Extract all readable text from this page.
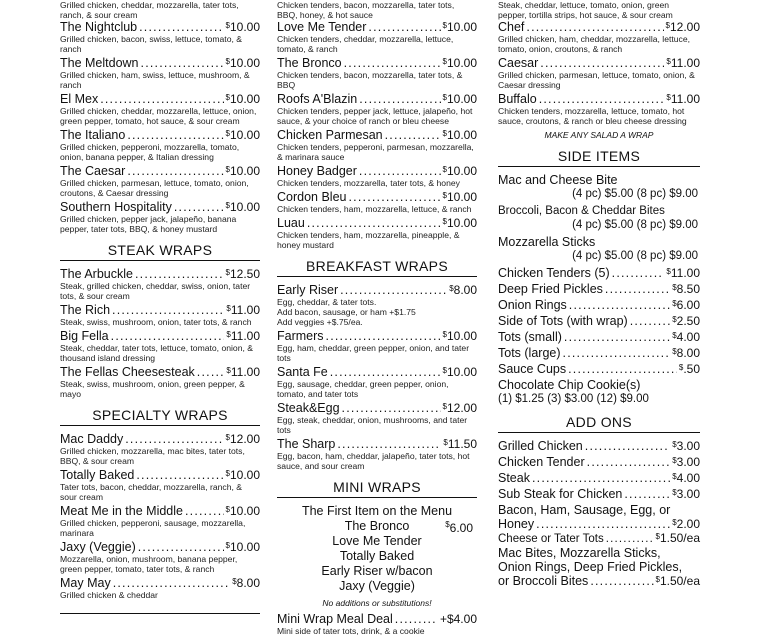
Grilled chicken, cheddar, mozzarella, tater tots, ranch, & sour cream
The Nightclub .....	$10.00
Grilled chicken, bacon, swiss, lettuce, tomato, & ranch
The Meltdown .....	$10.00
Grilled chicken, ham, swiss, lettuce, mushroom, & ranch
El Mex .....	$10.00
Grilled chicken, cheddar, mozzarella, lettuce, onion, green pepper, tomato, hot sauce, & sour cream
The Italiano .....	$10.00
Grilled chicken, pepperoni, mozzarella, tomato, onion, banana pepper, & Italian dressing
The Caesar .....	$10.00
Grilled chicken, parmesan, lettuce, tomato, onion, croutons, & Caesar dressing
Southern Hospitality .....	$10.00
Grilled chicken, pepper jack, jalapeño, banana pepper, tater tots, BBQ, & honey mustard
STEAK WRAPS
The Arbuckle .....	$12.50
Steak, grilled chicken, cheddar, swiss, onion, tater tots, & sour cream
The Rich .....	$11.00
Steak, swiss, mushroom, onion, tater tots, & ranch
Big Fella .....	$11.00
Steak, cheddar, tater tots, lettuce, tomato, onion, & thousand island dressing
The Fellas Cheesesteak .....	$11.00
Steak, swiss, mushroom, onion, green pepper, & mayo
SPECIALTY WRAPS
Mac Daddy .....	$12.00
Grilled chicken, mozzarella, mac bites, tater tots, BBQ, & sour cream
Totally Baked .....	$10.00
Tater tots, bacon, cheddar, mozzarella, ranch, & sour cream
Meat Me in the Middle .....	$10.00
Grilled chicken, pepperoni, sausage, mozzarella, marinara
Jaxy (Veggie) .....	$10.00
Mozzarella, onion, mushroom, banana pepper, green pepper, tomato, tater tots, & ranch
May May .....	$8.00
Grilled chicken & cheddar
Chicken tenders, bacon, mozzarella, tater tots, BBQ, honey, & hot sauce
Love Me Tender .....	$10.00
Chicken tenders, cheddar, mozzarella, lettuce, tomato, & ranch
The Bronco .....	$10.00
Chicken tenders, bacon, mozzarella, tater tots, & BBQ
Roofs A'Blazin .....	$10.00
Chicken tenders, pepper jack, lettuce, jalapeño, hot sauce, & your choice of ranch or bleu cheese
Chicken Parmesan .....	$10.00
Chicken tenders, pepperoni, parmesan, mozzarella, & marinara sauce
Honey Badger .....	$10.00
Chicken tenders, mozzarella, tater tots, & honey
Cordon Bleu .....	$10.00
Chicken tenders, ham, mozzarella, lettuce, & ranch
Luau .....	$10.00
Chicken tenders, ham, mozzarella, pineapple, & honey mustard
BREAKFAST WRAPS
Early Riser .....	$8.00
Egg, cheddar, & tater tots.
Add bacon, sausage, or ham +$1.75
Add veggies +$.75/ea.
Farmers .....	$10.00
Egg, ham, cheddar, green pepper, onion, and tater tots
Santa Fe .....	$10.00
Egg, sausage, cheddar, green pepper, onion, tomato, and tater tots
Steak&Egg .....	$12.00
Egg, steak, cheddar, onion, mushrooms, and tater tots
The Sharp .....	$11.50
Egg, bacon, ham, cheddar, jalapeño, tater tots, hot sauce, and sour cream
MINI WRAPS
The First Item on the Menu
The Bronco
Love Me Tender
Totally Baked
Early Riser w/bacon
Jaxy (Veggie)
$6.00
No additions or substitutions!
Mini Wrap Meal Deal .....	+$4.00
Mini side of tater tots, drink, & a cookie
Steak, cheddar, lettuce, tomato, onion, green pepper, tortilla strips, hot sauce, & sour cream
Chef .....	$12.00
Grilled chicken, ham, cheddar, mozzarella, lettuce, tomato, onion, croutons, & ranch
Caesar .....	$11.00
Grilled chicken, parmesan, lettuce, tomato, onion, & Caesar dressing
Buffalo .....	$11.00
Chicken tenders, mozzarella, lettuce, tomato, hot sauce, croutons, & ranch or bleu cheese dressing
MAKE ANY SALAD A WRAP
SIDE ITEMS
Mac and Cheese Bite
(4 pc) $5.00 (8 pc) $9.00
Broccoli, Bacon & Cheddar Bites
(4 pc) $5.00 (8 pc) $9.00
Mozzarella Sticks
(4 pc) $5.00 (8 pc) $9.00
Chicken Tenders (5) .....	$11.00
Deep Fried Pickles .....	$8.50
Onion Rings .....	$6.00
Side of Tots (with wrap) .....	$2.50
Tots (small) .....	$4.00
Tots (large) .....	$8.00
Sauce Cups .....	$.50
Chocolate Chip Cookie(s)
(1) $1.25 (3) $3.00 (12) $9.00
ADD ONS
Grilled Chicken .....	$3.00
Chicken Tender .....	$3.00
Steak .....	$4.00
Sub Steak for Chicken .....	$3.00
Bacon, Ham, Sausage, Egg, or
Honey .....	$2.00
Cheese or Tater Tots .....	$1.50/ea
Mac Bites, Mozzarella Sticks,
Onion Rings, Deep Fried Pickles,
or Broccoli Bites .....	$1.50/ea
